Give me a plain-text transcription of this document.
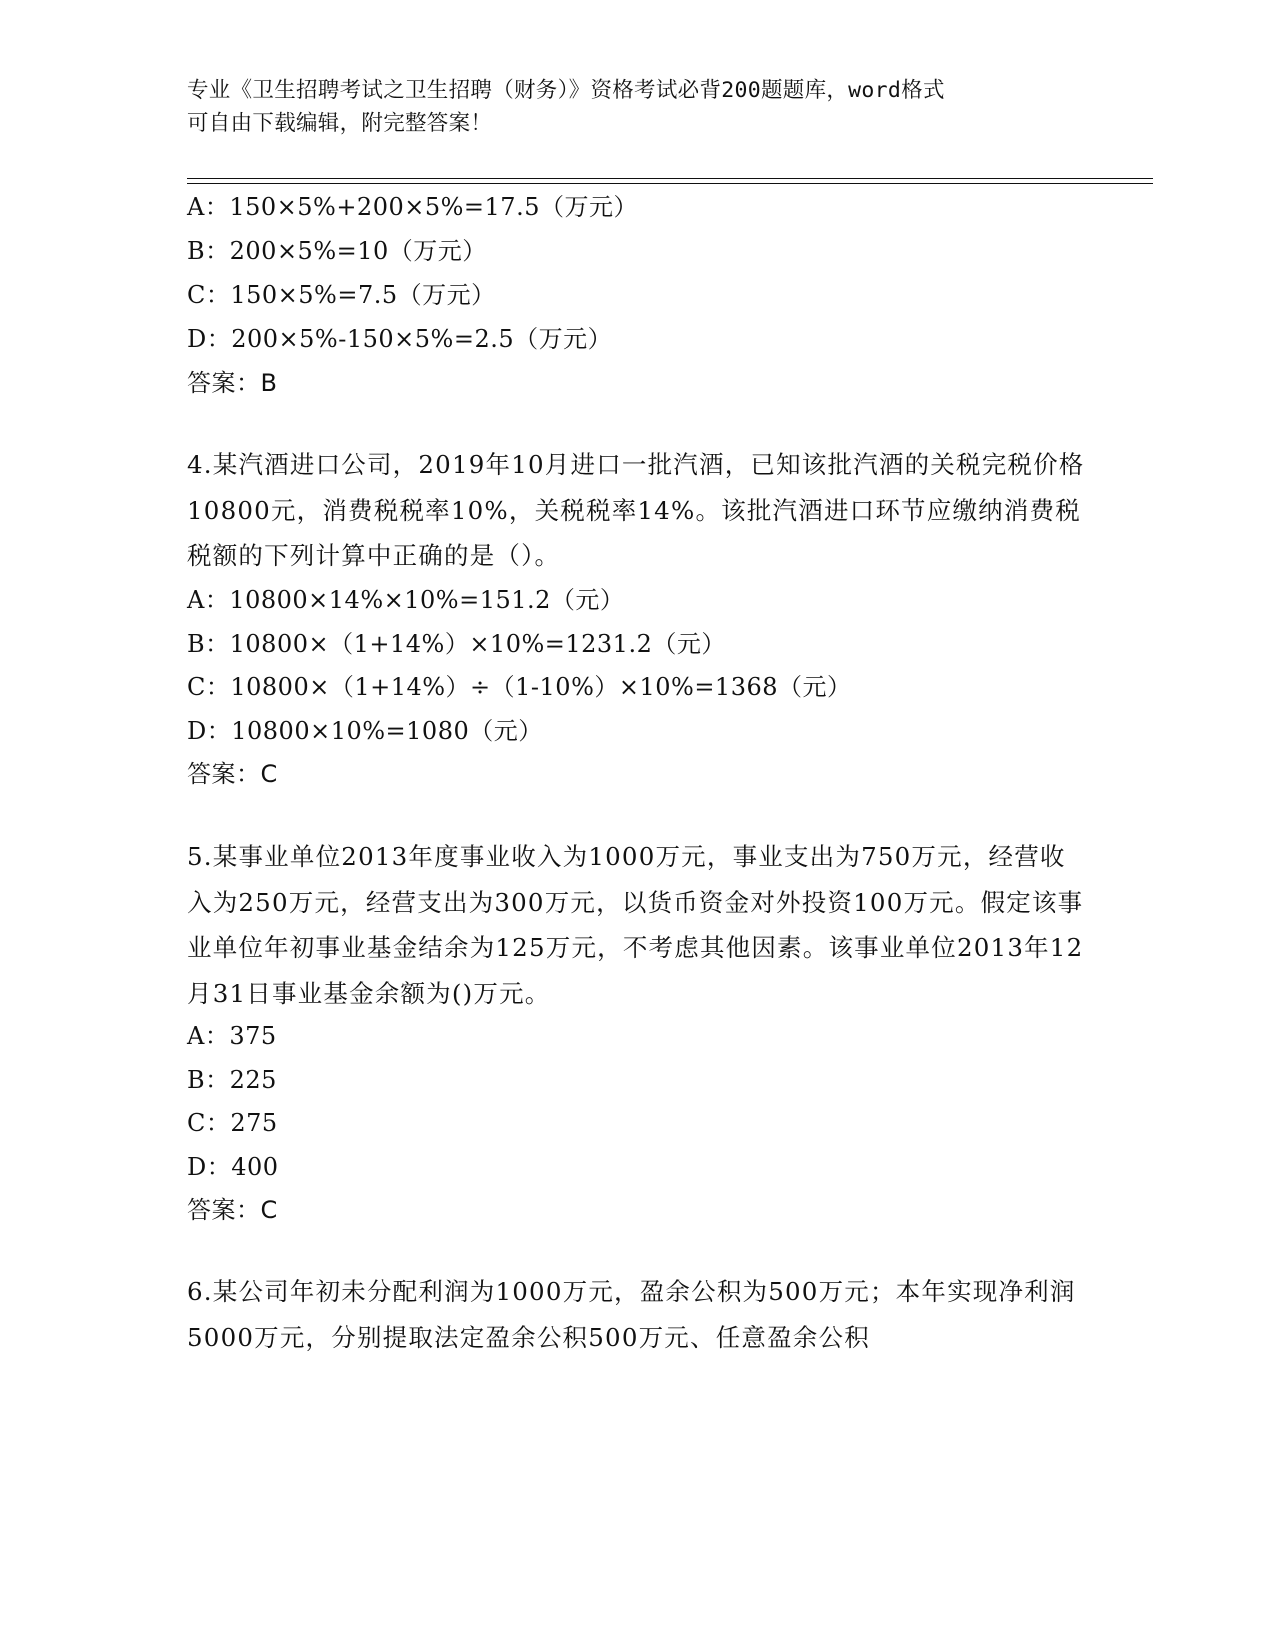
专业《卫生招聘考试之卫生招聘（财务）》资格考试必背200题题库，word格式
可自由下载编辑，附完整答案！
A：150×5%+200×5%=17.5（万元）
B：200×5%=10（万元）
C：150×5%=7.5（万元）
D：200×5%-150×5%=2.5（万元）
答案：B
4.某汽酒进口公司，2019年10月进口一批汽酒，已知该批汽酒的关税完税价格10800元，消费税税率10%，关税税率14%。该批汽酒进口环节应缴纳消费税税额的下列计算中正确的是（）。
A：10800×14%×10%=151.2（元）
B：10800×（1+14%）×10%=1231.2（元）
C：10800×（1+14%）÷（1-10%）×10%=1368（元）
D：10800×10%=1080（元）
答案：C
5.某事业单位2013年度事业收入为1000万元，事业支出为750万元，经营收入为250万元，经营支出为300万元，以货币资金对外投资100万元。假定该事业单位年初事业基金结余为125万元，不考虑其他因素。该事业单位2013年12月31日事业基金余额为()万元。
A：375
B：225
C：275
D：400
答案：C
6.某公司年初未分配利润为1000万元，盈余公积为500万元；本年实现净利润5000万元，分别提取法定盈余公积500万元、任意盈余公积
